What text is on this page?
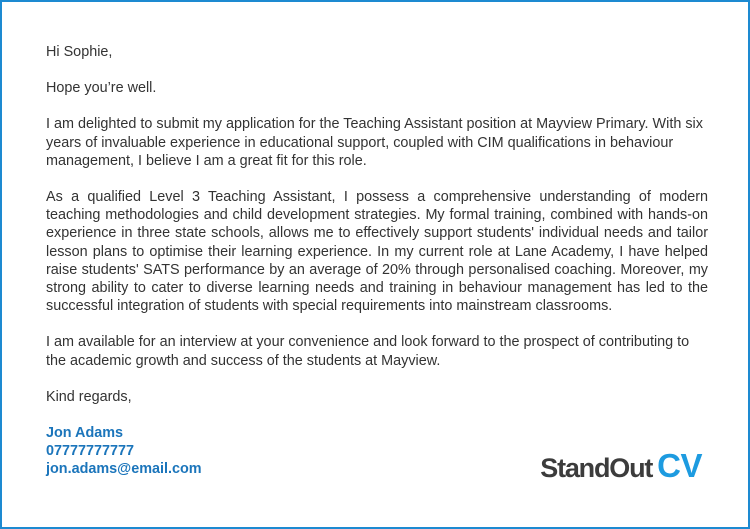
Hi Sophie,

Hope you’re well.

I am delighted to submit my application for the Teaching Assistant position at Mayview Primary. With six years of invaluable experience in educational support, coupled with CIM qualifications in behaviour management, I believe I am a great fit for this role.

As a qualified Level 3 Teaching Assistant, I possess a comprehensive understanding of modern teaching methodologies and child development strategies. My formal training, combined with hands-on experience in three state schools, allows me to effectively support students' individual needs and tailor lesson plans to optimise their learning experience. In my current role at Lane Academy, I have helped raise students' SATS performance by an average of 20% through personalised coaching. Moreover, my strong ability to cater to diverse learning needs and training in behaviour management has led to the successful integration of students with special requirements into mainstream classrooms.

I am available for an interview at your convenience and look forward to the prospect of contributing to the academic growth and success of the students at Mayview.

Kind regards,

Jon Adams
07777777777
jon.adams@email.com	StandOut CV
